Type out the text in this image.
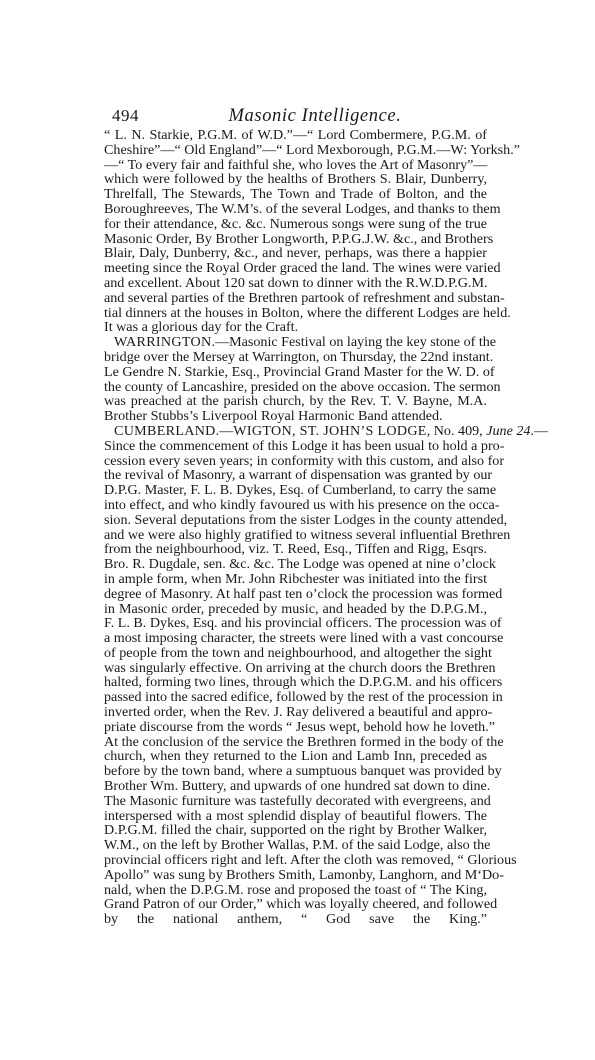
494	Masonic Intelligence.
“ L. N. Starkie, P.G.M. of W.D.”—“ Lord Combermere, P.G.M. of
Cheshire”—“ Old England”—“ Lord Mexborough, P.G.M.—W: Yorksh.”
—“ To every fair and faithful she, who loves the Art of Masonry”—
which were followed by the healths of Brothers S. Blair, Dunberry,
Threlfall, The Stewards, The Town and Trade of Bolton, and the
Boroughreeves, The W.M’s. of the several Lodges, and thanks to them
for their attendance, &c. &c. Numerous songs were sung of the true
Masonic Order, By Brother Longworth, P.P.G.J.W. &c., and Brothers
Blair, Daly, Dunberry, &c., and never, perhaps, was there a happier
meeting since the Royal Order graced the land. The wines were varied
and excellent. About 120 sat down to dinner with the R.W.D.P.G.M.
and several parties of the Brethren partook of refreshment and substan-
tial dinners at the houses in Bolton, where the different Lodges are held.
It was a glorious day for the Craft.
WARRINGTON.—Masonic Festival on laying the key stone of the
bridge over the Mersey at Warrington, on Thursday, the 22nd instant.
Le Gendre N. Starkie, Esq., Provincial Grand Master for the W. D. of
the county of Lancashire, presided on the above occasion. The sermon
was preached at the parish church, by the Rev. T. V. Bayne, M.A.
Brother Stubbs’s Liverpool Royal Harmonic Band attended.
CUMBERLAND.—WIGTON, ST. JOHN’S LODGE, No. 409, June 24.—
Since the commencement of this Lodge it has been usual to hold a pro-
cession every seven years; in conformity with this custom, and also for
the revival of Masonry, a warrant of dispensation was granted by our
D.P.G. Master, F. L. B. Dykes, Esq. of Cumberland, to carry the same
into effect, and who kindly favoured us with his presence on the occa-
sion. Several deputations from the sister Lodges in the county attended,
and we were also highly gratified to witness several influential Brethren
from the neighbourhood, viz. T. Reed, Esq., Tiffen and Rigg, Esqrs.
Bro. R. Dugdale, sen. &c. &c. The Lodge was opened at nine o’clock
in ample form, when Mr. John Ribchester was initiated into the first
degree of Masonry. At half past ten o’clock the procession was formed
in Masonic order, preceded by music, and headed by the D.P.G.M.,
F. L. B. Dykes, Esq. and his provincial officers. The procession was of
a most imposing character, the streets were lined with a vast concourse
of people from the town and neighbourhood, and altogether the sight
was singularly effective. On arriving at the church doors the Brethren
halted, forming two lines, through which the D.P.G.M. and his officers
passed into the sacred edifice, followed by the rest of the procession in
inverted order, when the Rev. J. Ray delivered a beautiful and appro-
priate discourse from the words “ Jesus wept, behold how he loveth.”
At the conclusion of the service the Brethren formed in the body of the
church, when they returned to the Lion and Lamb Inn, preceded as
before by the town band, where a sumptuous banquet was provided by
Brother Wm. Buttery, and upwards of one hundred sat down to dine.
The Masonic furniture was tastefully decorated with evergreens, and
interspersed with a most splendid display of beautiful flowers. The
D.P.G.M. filled the chair, supported on the right by Brother Walker,
W.M., on the left by Brother Wallas, P.M. of the said Lodge, also the
provincial officers right and left. After the cloth was removed, “ Glorious
Apollo” was sung by Brothers Smith, Lamonby, Langhorn, and M‘Do-
nald, when the D.P.G.M. rose and proposed the toast of “ The King,
Grand Patron of our Order,” which was loyally cheered, and followed
by the national anthem, “ God save the King.”
